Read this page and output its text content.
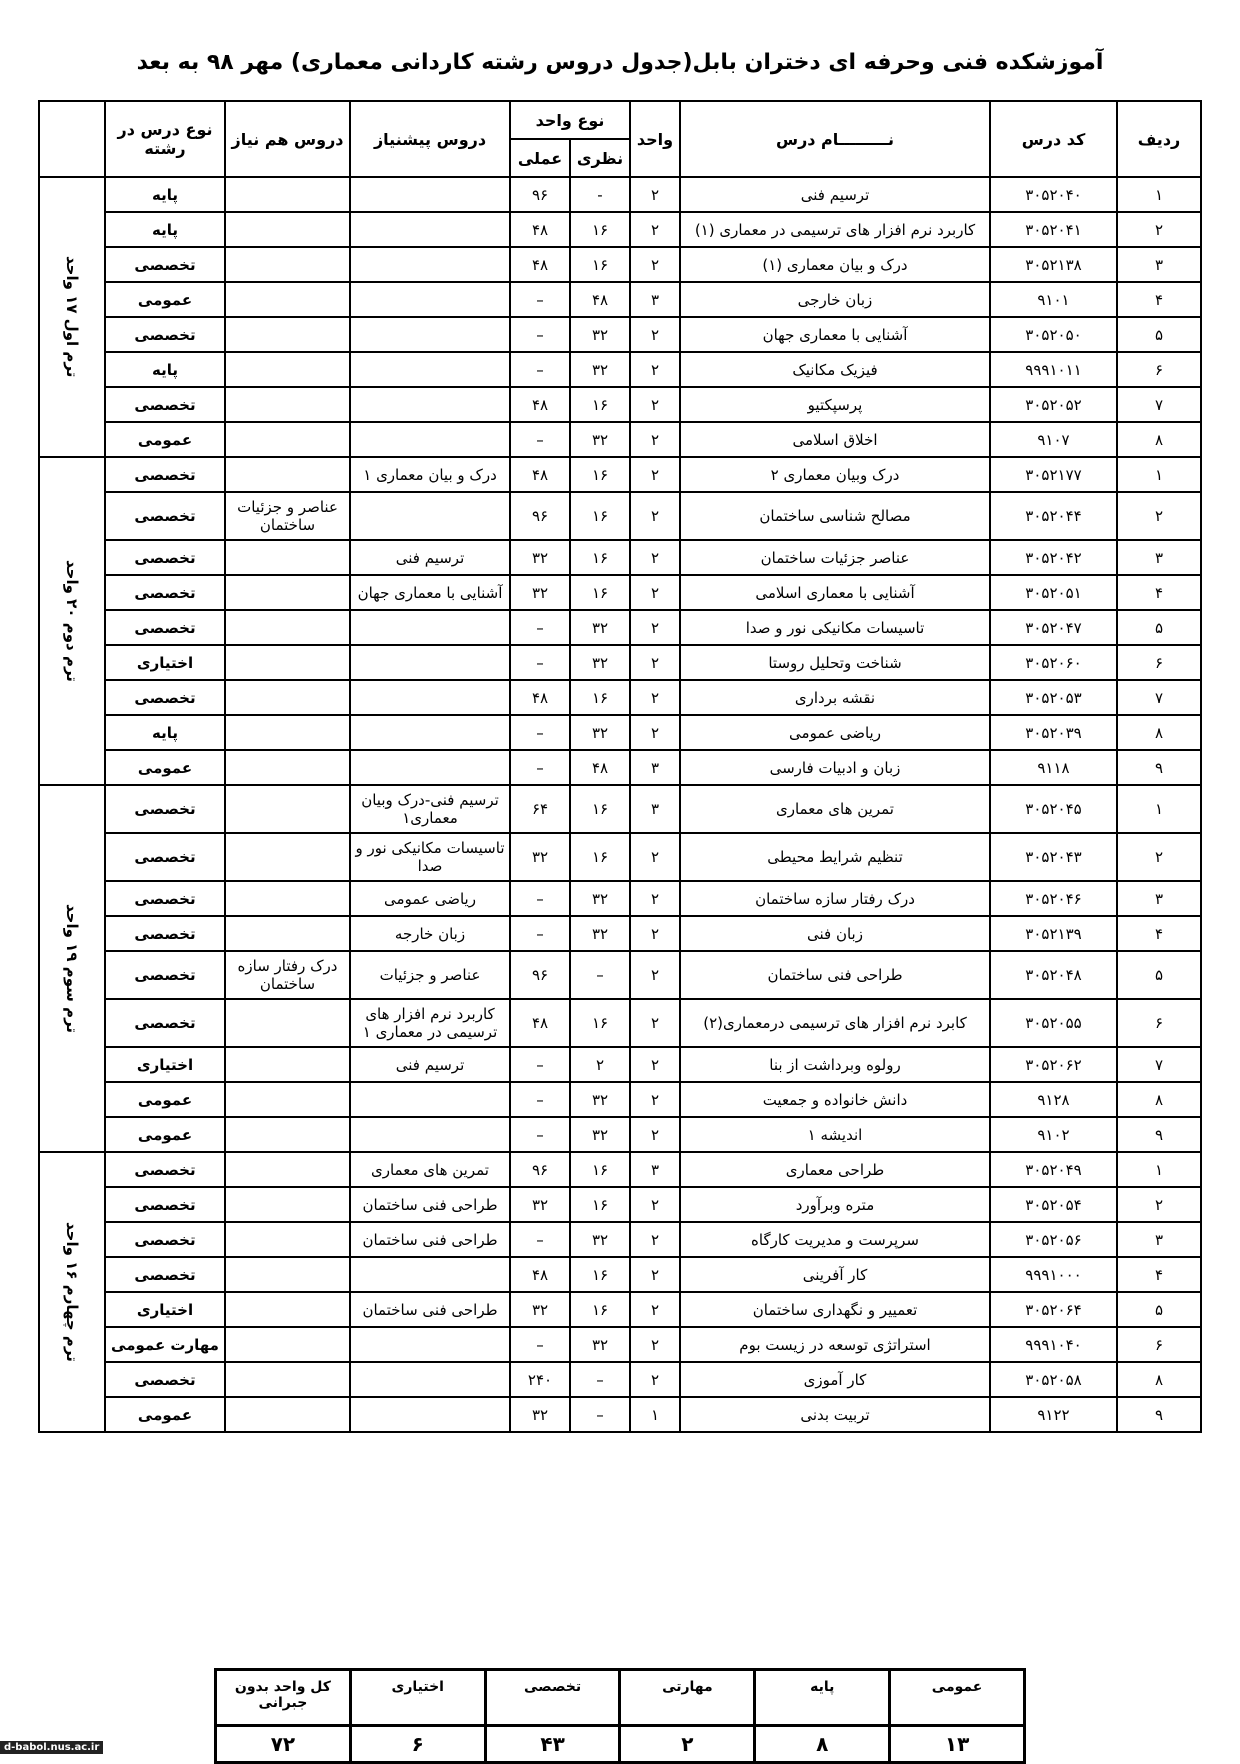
آموزشکده فنی وحرفه ای دختران بابل(جدول دروس رشته کاردانی معماری) مهر ۹۸ به بعد
ردیف	کد درس	نـــــــــام درس	واحد	نوع واحد		دروس پیشنیاز	دروس هم نیاز	نوع درس در رشته	
				نظری	عملی				
۱	۳۰۵۲۰۴۰	ترسیم فنی	۲	-	۹۶			پایه	ترم اول ۱۷ واحد

۲	۳۰۵۲۰۴۱	کاربرد نرم افزار های ترسیمی در معماری (۱)	۲	۱۶	۴۸			پایه	
۳	۳۰۵۲۱۳۸	درک و بیان معماری (۱)	۲	۱۶	۴۸			تخصصی	
۴	۹۱۰۱	زبان خارجی	۳	۴۸	–			عمومی	
۵	۳۰۵۲۰۵۰	آشنایی با معماری جهان	۲	۳۲	–			تخصصی	
۶	۹۹۹۱۰۱۱	فیزیک مکانیک	۲	۳۲	–			پایه	
۷	۳۰۵۲۰۵۲	پرسپکتیو	۲	۱۶	۴۸			تخصصی	
۸	۹۱۰۷	اخلاق اسلامی	۲	۳۲	–			عمومی	
۱	۳۰۵۲۱۷۷	درک وبیان معماری ۲	۲	۱۶	۴۸	درک و بیان معماری ۱		تخصصی	ترم دوم ۲۰ واحد

۲	۳۰۵۲۰۴۴	مصالح شناسی ساختمان	۲	۱۶	۹۶		عناصر و جزئیات ساختمان	تخصصی	
۳	۳۰۵۲۰۴۲	عناصر جزئیات ساختمان	۲	۱۶	۳۲	ترسیم فنی		تخصصی	
۴	۳۰۵۲۰۵۱	آشنایی با معماری اسلامی	۲	۱۶	۳۲	آشنایی با معماری جهان		تخصصی	
۵	۳۰۵۲۰۴۷	تاسیسات مکانیکی نور و صدا	۲	۳۲	–			تخصصی	
۶	۳۰۵۲۰۶۰	شناخت وتحلیل روستا	۲	۳۲	–			اختیاری	
۷	۳۰۵۲۰۵۳	نقشه برداری	۲	۱۶	۴۸			تخصصی	
۸	۳۰۵۲۰۳۹	ریاضی عمومی	۲	۳۲	–			پایه	
۹	۹۱۱۸	زبان و ادبیات فارسی	۳	۴۸	–			عمومی	
۱	۳۰۵۲۰۴۵	تمرین های معماری	۳	۱۶	۶۴	ترسیم فنی-درک وبیان معماری۱		تخصصی	ترم سوم ۱۹ واحد

۲	۳۰۵۲۰۴۳	تنظیم شرایط محیطی	۲	۱۶	۳۲	تاسیسات مکانیکی نور و صدا		تخصصی	
۳	۳۰۵۲۰۴۶	درک رفتار سازه ساختمان	۲	۳۲	–	ریاضی عمومی		تخصصی	
۴	۳۰۵۲۱۳۹	زبان فنی	۲	۳۲	–	زبان خارجه		تخصصی	
۵	۳۰۵۲۰۴۸	طراحی فنی ساختمان	۲	–	۹۶	عناصر و جزئیات	درک رفتار سازه ساختمان	تخصصی	
۶	۳۰۵۲۰۵۵	کابرد نرم افزار های ترسیمی درمعماری(۲)	۲	۱۶	۴۸	کاربرد نرم افزار های ترسیمی در معماری ۱		تخصصی	
۷	۳۰۵۲۰۶۲	رولوه وبرداشت از بنا	۲	۲	–	ترسیم فنی		اختیاری	
۸	۹۱۲۸	دانش خانواده و جمعیت	۲	۳۲	–			عمومی	
۹	۹۱۰۲	اندیشه ۱	۲	۳۲	–			عمومی	
۱	۳۰۵۲۰۴۹	طراحی معماری	۳	۱۶	۹۶	تمرین های معماری		تخصصی	ترم چهارم ۱۶ واحد

۲	۳۰۵۲۰۵۴	متره وبرآورد	۲	۱۶	۳۲	طراحی فنی ساختمان		تخصصی	
۳	۳۰۵۲۰۵۶	سرپرست و مدیریت کارگاه	۲	۳۲	–	طراحی فنی ساختمان		تخصصی	
۴	۹۹۹۱۰۰۰	کار آفرینی	۲	۱۶	۴۸			تخصصی	
۵	۳۰۵۲۰۶۴	تعمییر و نگهداری ساختمان	۲	۱۶	۳۲	طراحی فنی ساختمان		اختیاری	
۶	۹۹۹۱۰۴۰	استراتژی توسعه در زیست بوم	۲	۳۲	–			مهارت عمومی	
۸	۳۰۵۲۰۵۸	کار آموزی	۲	–	۲۴۰			تخصصی	
۹	۹۱۲۲	تربیت بدنی	۱	–	۳۲			عمومی	
کل واحد بدون جبرانی	اختیاری	تخصصی	مهارتی	پایه	عمومی
۷۲	۶	۴۳	۲	۸	۱۳
d-babol.nus.ac.ir
